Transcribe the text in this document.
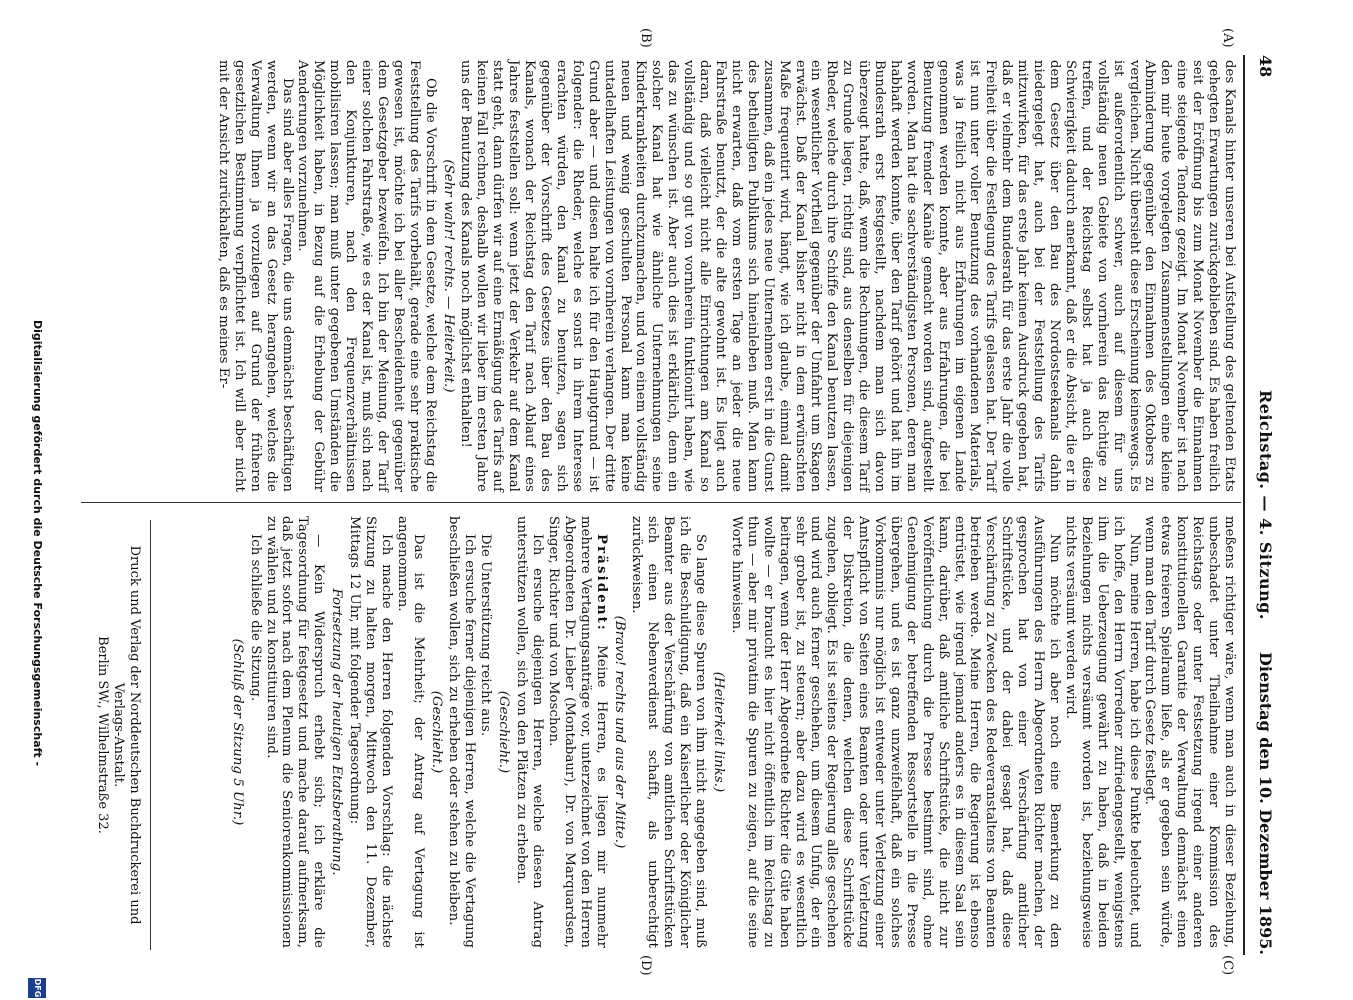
48
Reichstag. — 4. Sitzung.
Dienstag den 10. Dezember 1895.
(A)
(B)
(C)
(D)

des Kanals hinter unseren bei Aufstellung des geltenden Etats gehegten Erwartungen zurückgeblieben sind. Es haben freilich seit der Eröffnung bis zum Monat November die Einnahmen eine steigende Tendenz gezeigt. Im Monat November ist nach den mir heute vorgelegten Zusammenstellungen eine kleine Abminderung gegenüber den Einnahmen des Oktobers zu vergleichen. Nicht übersieht diese Erscheinung keineswegs. Es ist außerordentlich schwer, auch auf diesem für uns vollständig neuen Gebiete von vornherein das Richtige zu treffen, und der Reichstag selbst hat ja auch diese Schwierigkeit dadurch anerkannt, daß er die Absicht, die er in dem Gesetz über den Bau des Nordostseekanals dahin niedergelegt hat, auch bei der Feststellung des Tarifs mitzuwirken, für das erste Jahr keinen Ausdruck gegeben hat, daß er vielmehr dem Bundesrath für das erste Jahr die volle Freiheit über die Festlegung des Tarifs gelassen hat. Der Tarif ist nun unter voller Benutzung des vorhandenen Materials, was ja freilich nicht aus Erfahrungen im eigenen Lande genommen werden konnte, aber aus Erfahrungen, die bei Benutzung fremder Kanäle gemacht worden sind, aufgestellt worden. Man hat die sachverständigsten Personen, deren man habhaft werden konnte, über den Tarif gehört und hat ihn im Bundesrath erst festgestellt, nachdem man sich davon überzeugt hatte, daß, wenn die Rechnungen, die diesem Tarif zu Grunde liegen, richtig sind, aus denselben für diejenigen Rheder, welche durch ihre Schiffe den Kanal benutzen lassen, ein wesentlicher Vortheil gegenüber der Umfahrt um Skagen erwächst. Daß der Kanal bisher nicht in dem erwünschten Maße frequentirt wird, hängt, wie ich glaube, einmal damit zusammen, daß ein jedes neue Unternehmen erst in die Gunst des betheiligten Publikums sich hineinleben muß. Man kann nicht erwarten, daß vom ersten Tage an jeder die neue Fahrstraße benutzt, der die alte gewohnt ist. Es liegt auch daran, daß vielleicht nicht alle Einrichtungen am Kanal so vollständig und so gut von vornherein funktionirt haben, wie das zu wünschen ist. Aber auch dies ist erklärlich, denn ein solcher Kanal hat wie ähnliche Unternehmungen seine Kinderkrankheiten durchzumachen, und von einem vollständig neuen und wenig geschulten Personal kann man keine untadelhaften Leistungen von vornherein verlangen. Der dritte Grund aber — und diesen halte ich für den Hauptgrund — ist folgender: die Rheder, welche es sonst in ihrem Interesse erachten würden, den Kanal zu benutzen, sagen sich gegenüber der Vorschrift des Gesetzes über den Bau des Kanals, wonach der Reichstag den Tarif nach Ablauf eines Jahres feststellen soll: wenn jetzt der Verkehr auf dem Kanal statt geht, dann dürfen wir auf eine Ermäßigung des Tarifs auf keinen Fall rechnen, deshalb wollen wir lieber im ersten Jahre uns der Benutzung des Kanals noch möglichst enthalten!

(Sehr wahr! rechts. — Heiterkeit.)

Ob die Vorschrift in dem Gesetze, welche dem Reichstag die Feststellung des Tarifs vorbehält, gerade eine sehr praktische gewesen ist, möchte ich bei aller Bescheidenheit gegenüber dem Gesetzgeber bezweifeln. Ich bin der Meinung, der Tarif einer solchen Fahrstraße, wie es der Kanal ist, muß sich nach den Konjunkturen, nach den Frequenzverhältnissen mobilisiren lassen; man muß unter gegebenen Umständen die Möglichkeit haben, in Bezug auf die Erhebung der Gebühr Aenderungen vorzunehmen.

Das sind aber alles Fragen, die uns demnächst beschäftigen werden, wenn wir an das Gesetz herangehen, welches die Verwaltung Ihnen ja vorzulegen auf Grund der früheren gesetzlichen Bestimmung verpflichtet ist. Ich will aber nicht mit der Ansicht zurückhalten, daß es meines Er-

meßens richtiger wäre, wenn man auch in dieser Beziehung, unbeschadet unter Theilnahme einer Kommission des Reichstags oder unter Festsetzung irgend einer anderen konstitutionellen Garantie der Verwaltung demnächst einen etwas freieren Spielraum ließe, als er gegeben sein würde, wenn man den Tarif durch Gesetz festlegt.

Nun, meine Herren, habe ich diese Punkte beleuchtet, und ich hoffe, den Herrn Vorredner zufriedengestellt, wenigstens ihm die Ueberzeugung gewährt zu haben, daß in beiden Beziehungen nichts versäumt worden ist, beziehungsweise nichts versäumt werden wird.

Nun möchte ich aber noch eine Bemerkung zu den Ausführungen des Herrn Abgeordneten Richter machen, der gesprochen hat von einer Verschärfung amtlicher Schriftstücke, und der dabei gesagt hat, daß diese Verschärfung zu Zwecken des Redeveranstaltens von Beamten betrieben werde. Meine Herren, die Regierung ist ebenso entrüstet, wie irgend jemand anders es in diesem Saal sein kann, darüber, daß amtliche Schriftstücke, die nicht zur Veröffentlichung durch die Presse bestimmt sind, ohne Genehmigung der betreffenden Ressortstelle in die Presse übergehen, und es ist ganz unzweifelhaft, daß ein solches Vorkommnis nur möglich ist entweder unter Verletzung einer Amtspflicht von Seiten eines Beamten oder unter Verletzung der Diskretion, die denen, welchen diese Schriftstücke zugehen, obliegt. Es ist seitens der Regierung alles geschehen und wird auch ferner geschehen, um diesem Unfug, der ein sehr grober ist, zu steuern; aber dazu wird es wesentlich beitragen, wenn der Herr Abgeordnete Richter die Güte haben wollte — er braucht es hier nicht öffentlich im Reichstag zu thun — aber mir privatim die Spuren zu zeigen, auf die seine Worte hinweisen.

(Heiterkeit links.)

So lange diese Spuren von ihm nicht angegeben sind, muß ich die Beschuldigung, daß ein Kaiserlicher oder Königlicher Beamter aus der Verschärfung von amtlichen Schriftstücken sich einen Nebenverdienst schafft, als unberechtigt zurückweisen.

(Bravo! rechts und aus der Mitte.)

Präsident: Meine Herren, es liegen mir nunmehr mehrere Vertagungsanträge vor, unterzeichnet von den Herren Abgeordneten Dr. Lieber (Montabaur), Dr. von Marquardsen, Singer, Richter und von Moschon.

Ich ersuche diejenigen Herren, welche diesen Antrag unterstützen wollen, sich von den Plätzen zu erheben.

(Geschieht.)

Die Unterstützung reicht aus.

Ich ersuche ferner diejenigen Herren, welche die Vertagung beschließen wollen, sich zu erheben oder stehen zu bleiben.

(Geschieht.)

Das ist die Mehrheit; der Antrag auf Vertagung ist angenommen.

Ich mache den Herren folgenden Vorschlag: die nächste Sitzung zu halten morgen, Mittwoch den 11. Dezember, Mittags 12 Uhr, mit folgender Tagesordnung:

Fortsetzung der heutigen Etatsberathung.

— Kein Widerspruch erhebt sich; ich erkläre die Tagesordnung für festgesetzt und mache darauf aufmerksam, daß jetzt sofort nach dem Plenum die Seniorenkommissionen zu wählen und zu konstituiren sind.

Ich schließe die Sitzung.

(Schluß der Sitzung 5 Uhr.)

Druck und Verlag der Norddeutschen Buchdruckerei und Verlags-Anstalt.
Berlin SW., Wilhelmstraße 32.
Digitalisierung gefördert durch die Deutsche Forschungsgemeinschaft -
DFG
